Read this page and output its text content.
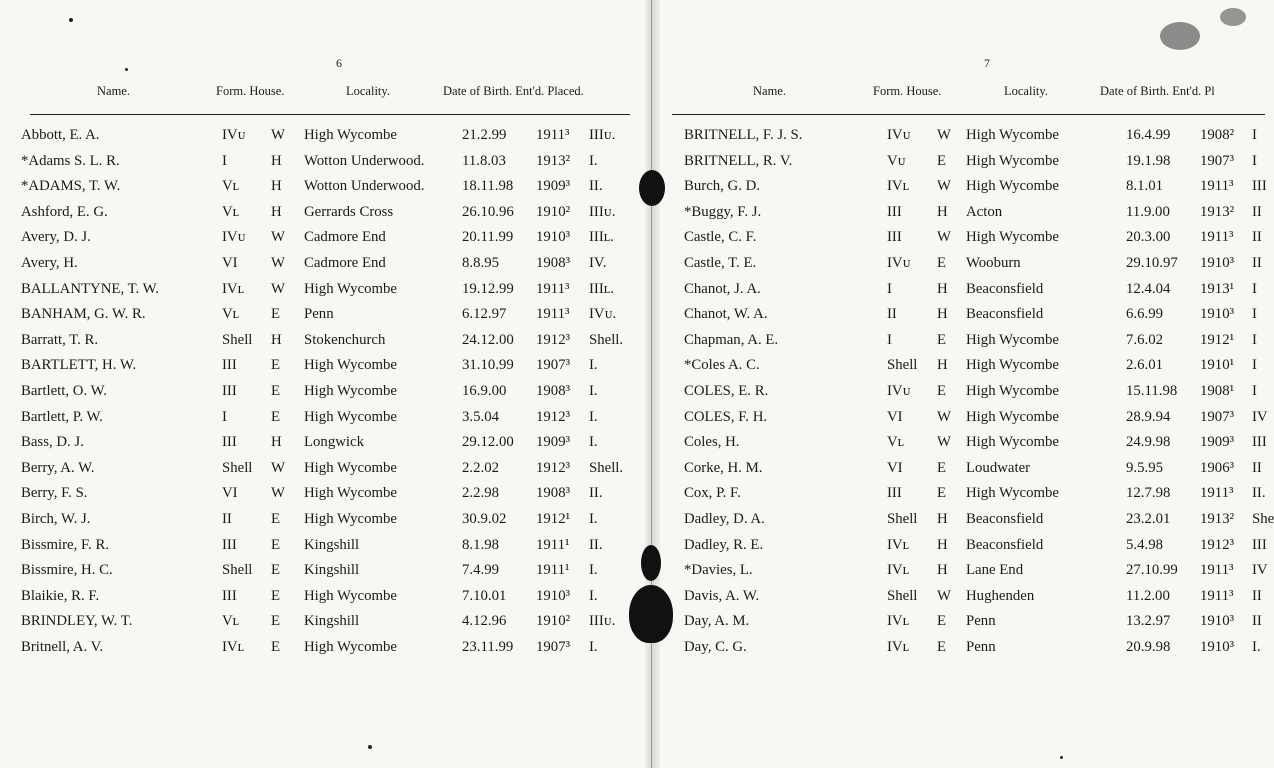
6
Name.	Form. House.	Locality.	Date of Birth. Ent'd. Placed.
Abbott, E. A.	IVᴜ W High Wycombe	21.2.99 1911³ IIIᴜ.
*Adams S. L. R.	I	H Wotton Underwood.	11.8.03 1913² I.
*ADAMS, T. W.	Vʟ H Wotton Underwood.	18.11.98 1909³ II.
Ashford, E. G.	Vʟ H Gerrards Cross	26.10.96 1910² IIIᴜ.
Avery, D. J.	IVᴜ W Cadmore End	20.11.99 1910³ IIIʟ.
Avery, H.	VI W Cadmore End	8.8.95	1908³ IV.
BALLANTYNE, T. W.	IVʟ W High Wycombe	19.12.99 1911³ IIIʟ.
BANHAM, G. W. R.	Vʟ E Penn	6.12.97 1911³ IVᴜ.
Barratt, T. R.	Shell H Stokenchurch	24.12.00 1912³ Shell.
BARTLETT, H. W.	III E High Wycombe	31.10.99 1907³ I.
Bartlett, O. W.	III E High Wycombe	16.9.00 1908³ I.
Bartlett, P. W.	I	E High Wycombe	3.5.04	1912³ I.
Bass, D. J.	III H Longwick	29.12.00 1909³ I.
Berry, A. W.	Shell W High Wycombe	2.2.02	1912³ Shell.
Berry, F. S.	VI W High Wycombe	2.2.98	1908³ II.
Birch, W. J.	II	E High Wycombe	30.9.02 1912¹ I.
Bissmire, F. R.	III E Kingshill	8.1.98	1911¹ II.
Bissmire, H. C.	Shell E Kingshill	7.4.99	1911¹ I.
Blaikie, R. F.	III E High Wycombe	7.10.01 1910³ I.
BRINDLEY, W. T.	Vʟ E Kingshill	4.12.96 1910² IIIᴜ.
Britnell, A. V.	IVʟ E High Wycombe	23.11.99 1907³ I.
7
Name.	Form. House.	Locality.	Date of Birth. Ent'd. Pl
BRITNELL, F. J. S.	IVᴜ W High Wycombe	16.4.99 1908² I
BRITNELL, R. V.	Vᴜ E High Wycombe	19.1.98 1907³ I
Burch, G. D.	IVʟ W High Wycombe	8.1.01	1911³ III
*Buggy, F. J.	III H Acton	11.9.00 1913² II
Castle, C. F.	III W High Wycombe	20.3.00 1911³ II
Castle, T. E.	IVᴜ E Wooburn	29.10.97 1910³ II
Chanot, J. A.	I	H Beaconsfield	12.4.04 1913¹ I
Chanot, W. A.	II	H Beaconsfield	6.6.99	1910³ I
Chapman, A. E.	I	E High Wycombe	7.6.02	1912¹ I
*Coles A. C.	Shell H High Wycombe	2.6.01	1910¹ I
COLES, E. R.	IVᴜ E High Wycombe	15.11.98 1908¹ I
COLES, F. H.	VI W High Wycombe	28.9.94 1907³ IV
Coles, H.	Vʟ W High Wycombe	24.9.98 1909³ III
Corke, H. M.	VI E Loudwater	9.5.95	1906³ II
Cox, P. F.	III E High Wycombe	12.7.98 1911³ II.
Dadley, D. A.	Shell H Beaconsfield	23.2.01 1913² She
Dadley, R. E.	IVʟ H Beaconsfield	5.4.98	1912³ III
*Davies, L.	IVʟ H Lane End	27.10.99 1911³ IV
Davis, A. W.	Shell W Hughenden	11.2.00 1911³ II
Day, A. M.	IVʟ E Penn	13.2.97 1910³ II
Day, C. G.	IVʟ E Penn	20.9.98 1910³ I.
